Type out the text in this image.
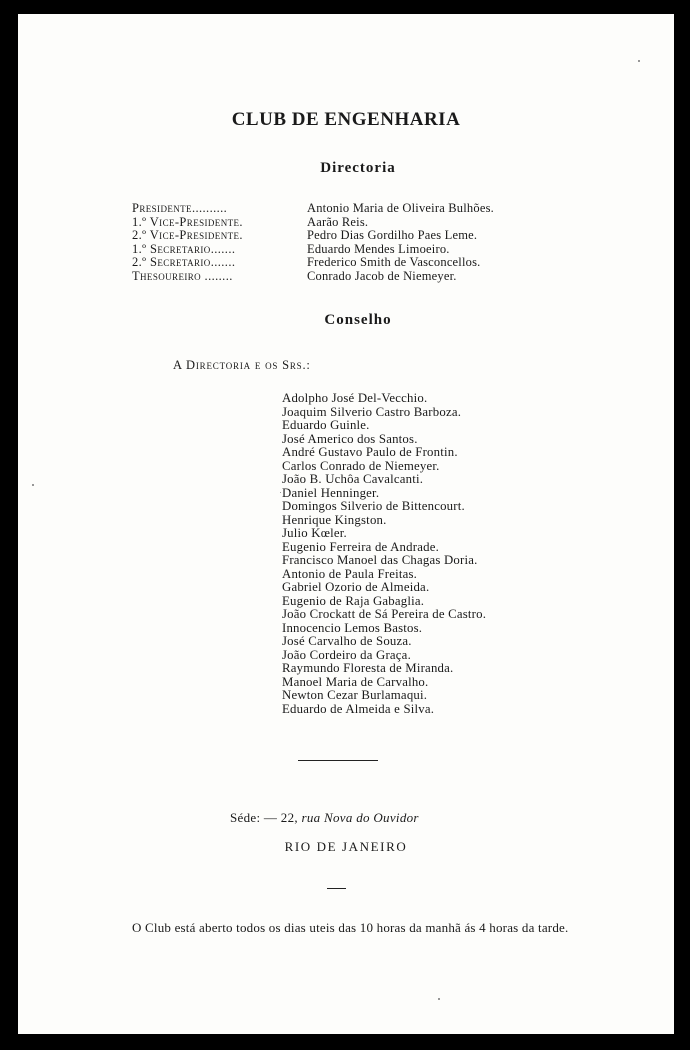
CLUB DE ENGENHARIA
Directoria
Presidente..........	Antonio Maria de Oliveira Bulhões.
1.º Vice-Presidente.	Aarão Reis.
2.º Vice-Presidente.	Pedro Dias Gordilho Paes Leme.
1.º Secretario.......	Eduardo Mendes Limoeiro.
2.º Secretario.......	Frederico Smith de Vasconcellos.
Thesoureiro ........	Conrado Jacob de Niemeyer.
Conselho
A Directoria e os Srs.:
Adolpho José Del-Vecchio.
Joaquim Silverio Castro Barboza.
Eduardo Guinle.
José Americo dos Santos.
André Gustavo Paulo de Frontin.
Carlos Conrado de Niemeyer.
João B. Uchôa Cavalcanti.
Daniel Henninger.
Domingos Silverio de Bittencourt.
Henrique Kingston.
Julio Kœler.
Eugenio Ferreira de Andrade.
Francisco Manoel das Chagas Doria.
Antonio de Paula Freitas.
Gabriel Ozorio de Almeida.
Eugenio de Raja Gabaglia.
João Crockatt de Sá Pereira de Castro.
Innocencio Lemos Bastos.
José Carvalho de Souza.
João Cordeiro da Graça.
Raymundo Floresta de Miranda.
Manoel Maria de Carvalho.
Newton Cezar Burlamaqui.
Eduardo de Almeida e Silva.
Séde: — 22, rua Nova do Ouvidor
RIO DE JANEIRO
O Club está aberto todos os dias uteis das 10 horas da manhã ás 4 horas da tarde.
